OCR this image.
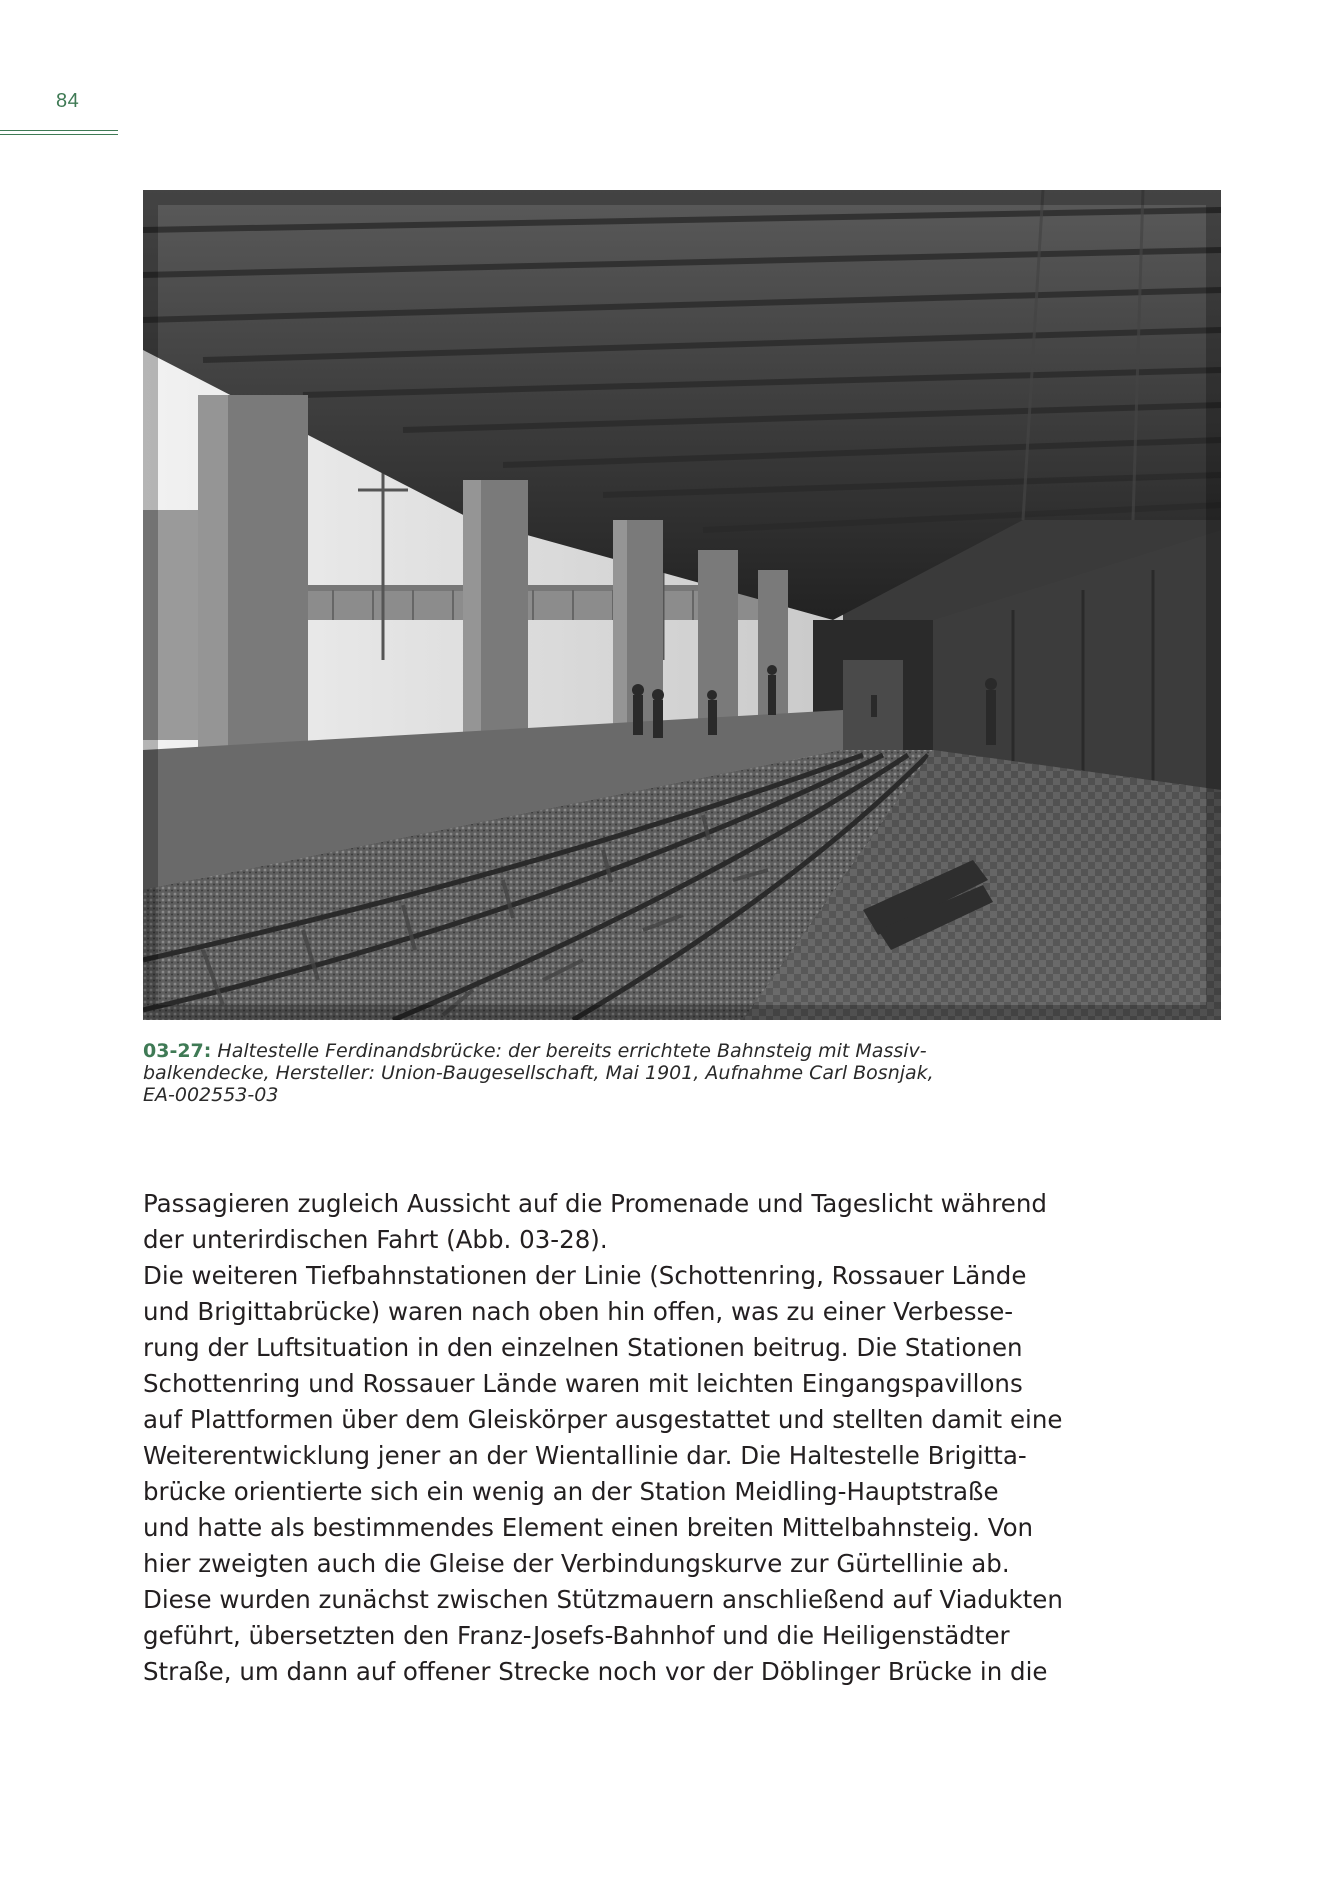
84
03-27: Haltestelle Ferdinandsbrücke: der bereits errichtete Bahnsteig mit Massiv-
balkendecke, Hersteller: Union-Baugesellschaft, Mai 1901, Aufnahme Carl Bosnjak,
EA-002553-03
Passagieren zugleich Aussicht auf die Promenade und Tageslicht während
der unterirdischen Fahrt (Abb. 03-28).
Die weiteren Tiefbahnstationen der Linie (Schottenring, Rossauer Lände
und Brigittabrücke) waren nach oben hin offen, was zu einer Verbesse-
rung der Luftsituation in den einzelnen Stationen beitrug. Die Stationen
Schottenring und Rossauer Lände waren mit leichten Eingangspavillons
auf Plattformen über dem Gleiskörper ausgestattet und stellten damit eine
Weiterentwicklung jener an der Wientallinie dar. Die Haltestelle Brigitta-
brücke orientierte sich ein wenig an der Station Meidling-Hauptstraße
und hatte als bestimmendes Element einen breiten Mittelbahnsteig. Von
hier zweigten auch die Gleise der Verbindungskurve zur Gürtellinie ab.
Diese wurden zunächst zwischen Stützmauern anschließend auf Viadukten
geführt, übersetzten den Franz-Josefs-Bahnhof und die Heiligenstädter
Straße, um dann auf offener Strecke noch vor der Döblinger Brücke in die
